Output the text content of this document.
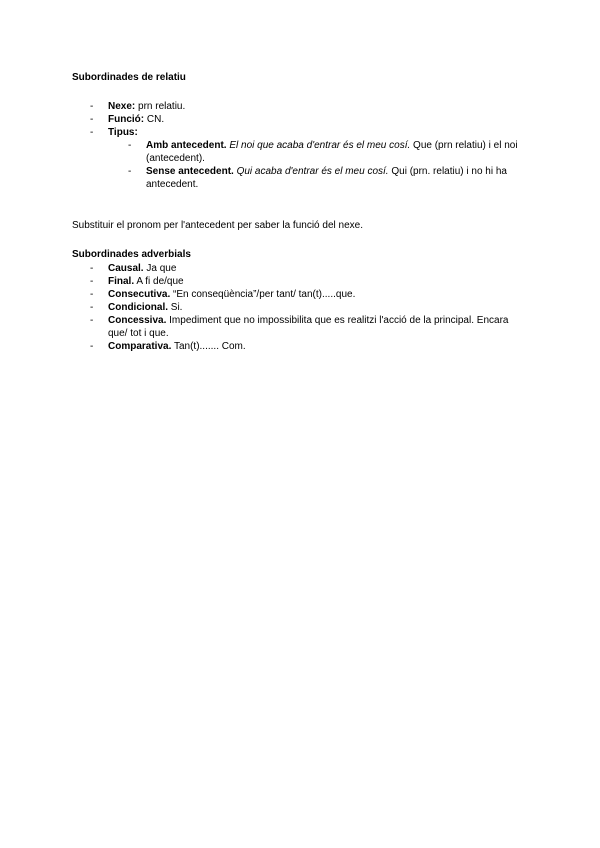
Subordinades de relatiu
- Nexe: prn relatiu.
- Funció: CN.
- Tipus:
- Amb antecedent. El noi que acaba d'entrar és el meu cosí. Que (prn relatiu) i el noi (antecedent).
- Sense antecedent. Qui acaba d'entrar és el meu cosí. Qui (prn. relatiu) i no hi ha antecedent.
Substituir el pronom per l'antecedent per saber la funció del nexe.
Subordinades adverbials
- Causal. Ja que
- Final. A fi de/que
- Consecutiva. “En conseqüència”/per tant/ tan(t).....que.
- Condicional. Si.
- Concessiva. Impediment que no impossibilita que es realitzi l'acció de la principal. Encara que/ tot i que.
- Comparativa. Tan(t)....... Com.
